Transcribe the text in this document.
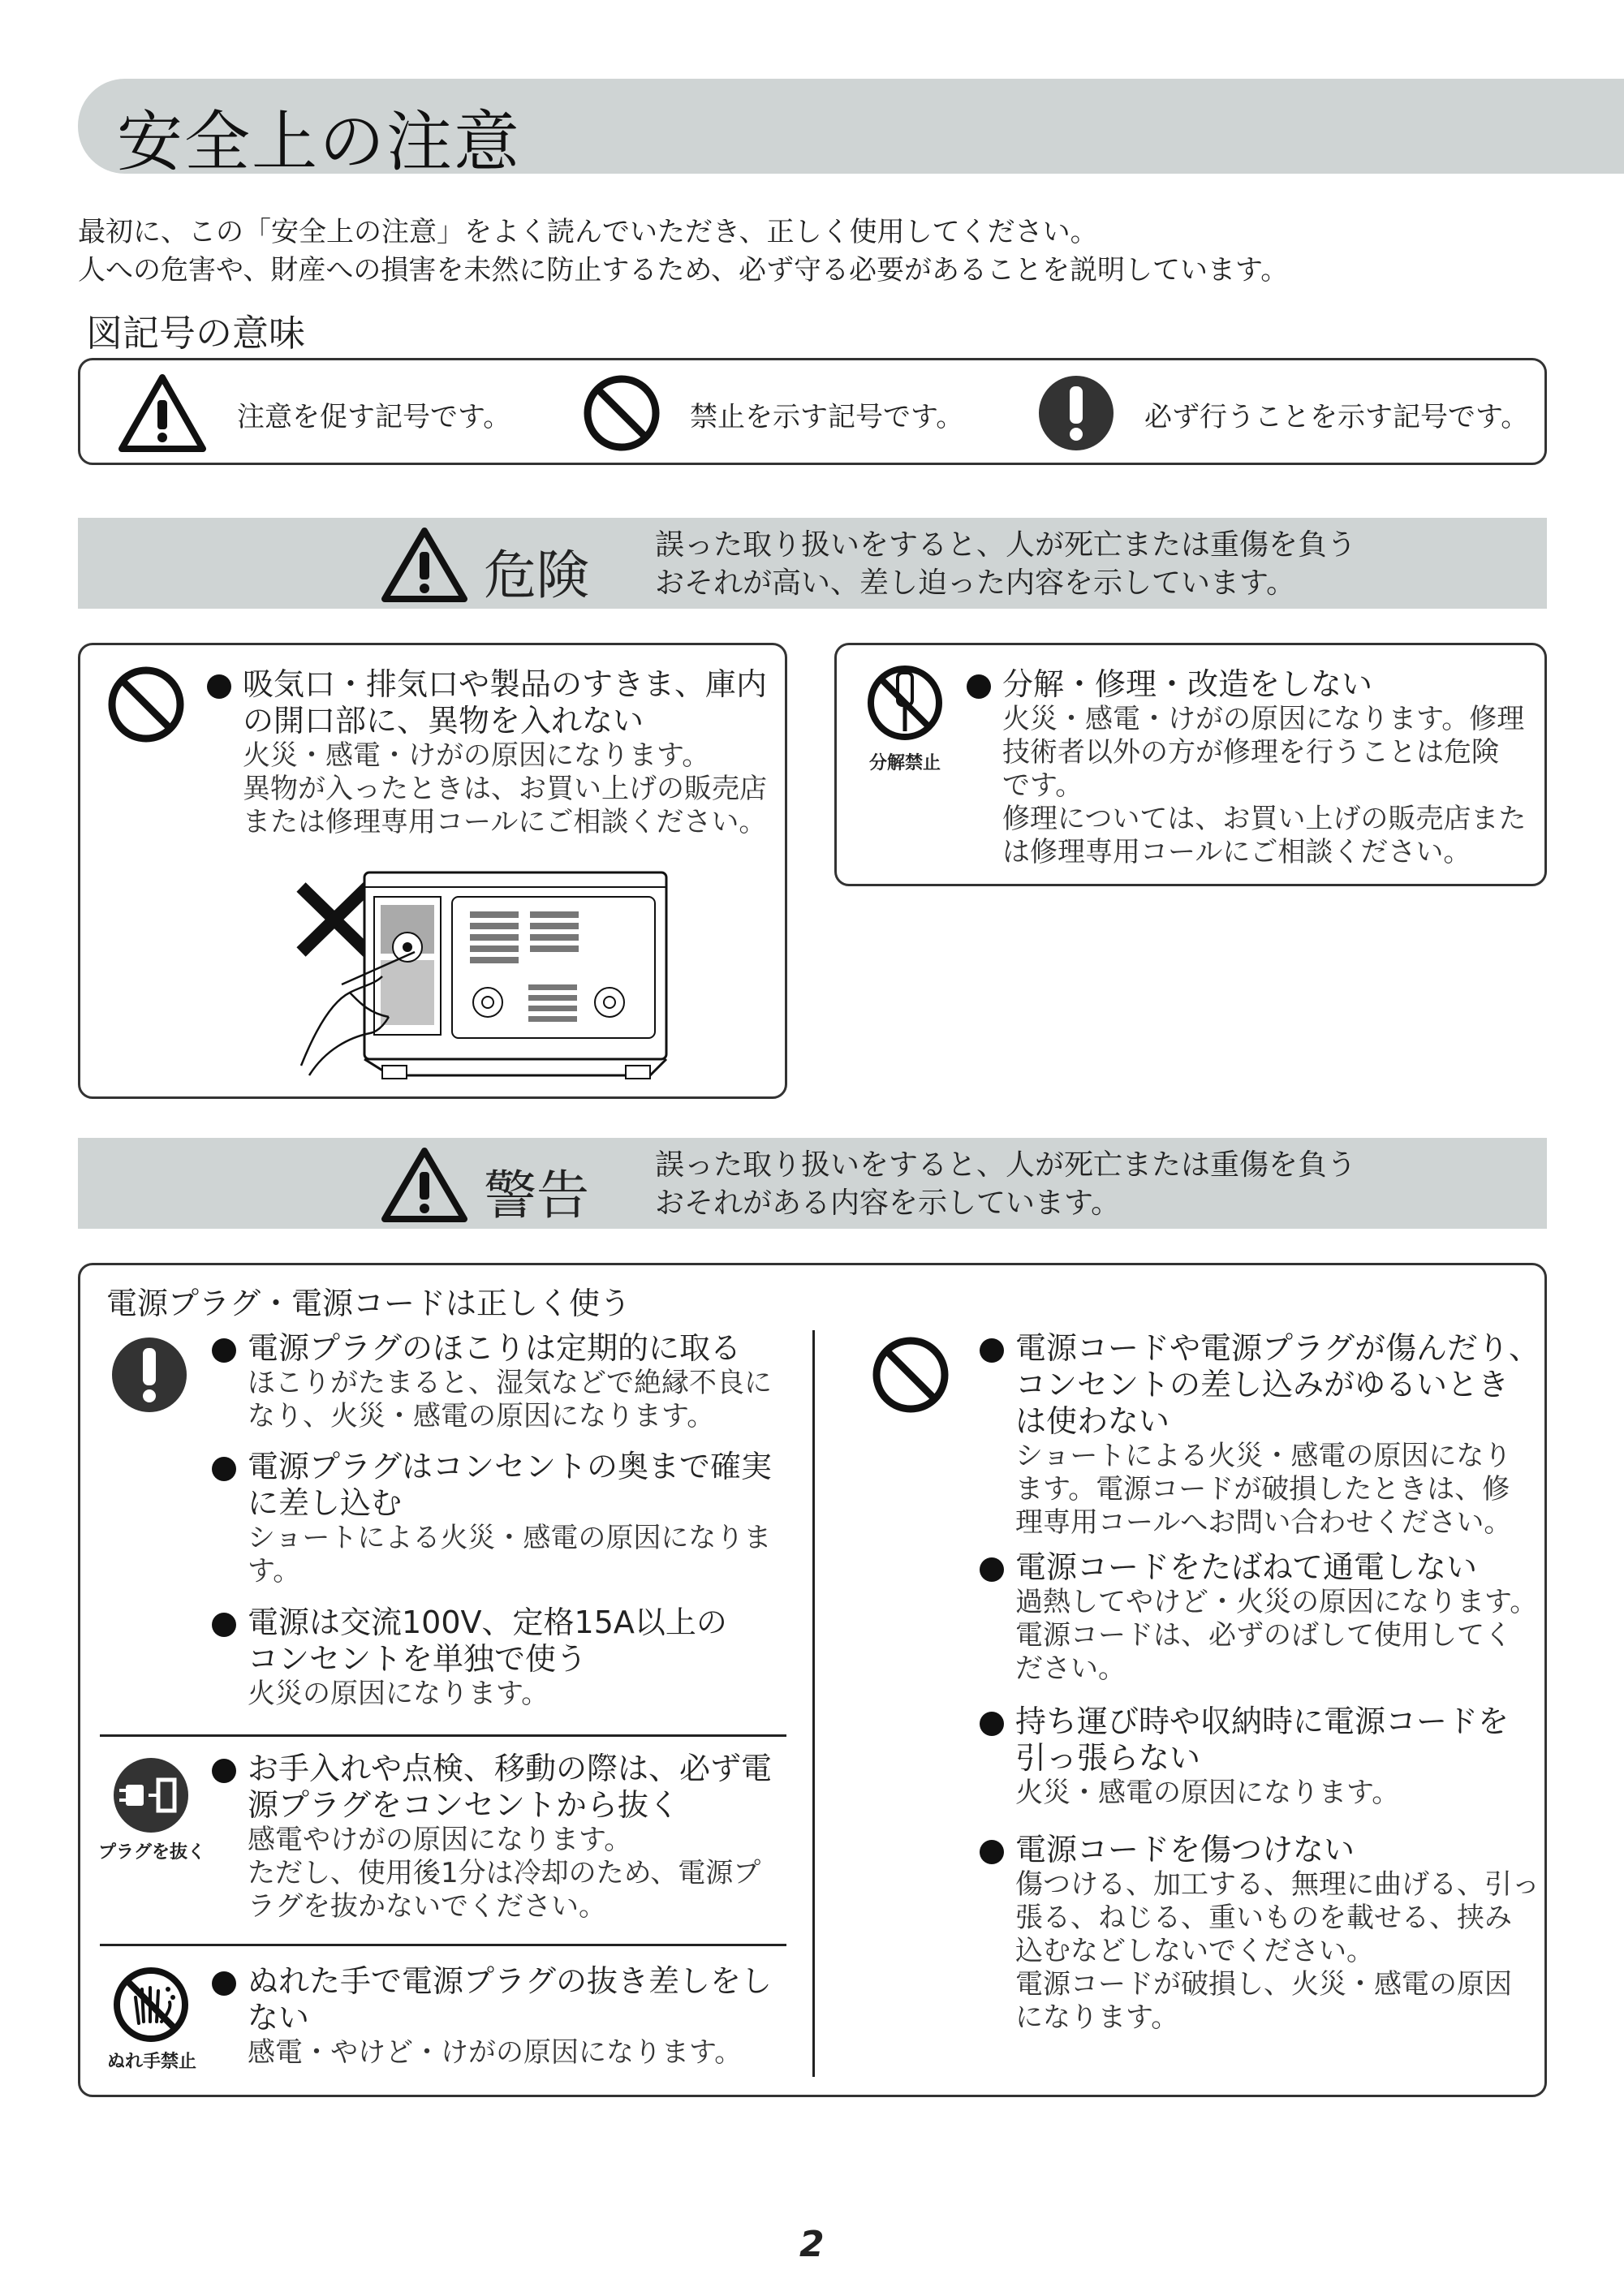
安全上の注意
最初に、この「安全上の注意」をよく読んでいただき、正しく使用してください。
人への危害や、財産への損害を未然に防止するため、必ず守る必要があることを説明しています。
図記号の意味
注意を促す記号です。	禁止を示す記号です。	必ず行うことを示す記号です。
危険
誤った取り扱いをすると、人が死亡または重傷を負う
おそれが高い、差し迫った内容を示しています。
吸気口・排気口や製品のすきま、庫内
の開口部に、異物を入れない
火災・感電・けがの原因になります。
異物が入ったときは、お買い上げの販売店
または修理専用コールにご相談ください。
分解禁止
分解・修理・改造をしない
火災・感電・けがの原因になります。修理
技術者以外の方が修理を行うことは危険
です。
修理については、お買い上げの販売店また
は修理専用コールにご相談ください。
警告
誤った取り扱いをすると、人が死亡または重傷を負う
おそれがある内容を示しています。
電源プラグ・電源コードは正しく使う
電源プラグのほこりは定期的に取る
ほこりがたまると、湿気などで絶縁不良に
なり、火災・感電の原因になります。
電源プラグはコンセントの奥まで確実
に差し込む
ショートによる火災・感電の原因になりま
す。
電源は交流100V、定格15A以上の
コンセントを単独で使う
火災の原因になります。
プラグを抜く
お手入れや点検、移動の際は、必ず電
源プラグをコンセントから抜く
感電やけがの原因になります。
ただし、使用後1分は冷却のため、電源プ
ラグを抜かないでください。
ぬれ手禁止
ぬれた手で電源プラグの抜き差しをし
ない
感電・やけど・けがの原因になります。
電源コードや電源プラグが傷んだり、
コンセントの差し込みがゆるいとき
は使わない
ショートによる火災・感電の原因になり
ます。電源コードが破損したときは、修
理専用コールへお問い合わせください。
電源コードをたばねて通電しない
過熱してやけど・火災の原因になります。
電源コードは、必ずのばして使用してく
ださい。
持ち運び時や収納時に電源コードを
引っ張らない
火災・感電の原因になります。
電源コードを傷つけない
傷つける、加工する、無理に曲げる、引っ
張る、ねじる、重いものを載せる、挟み
込むなどしないでください。
電源コードが破損し、火災・感電の原因
になります。
2
